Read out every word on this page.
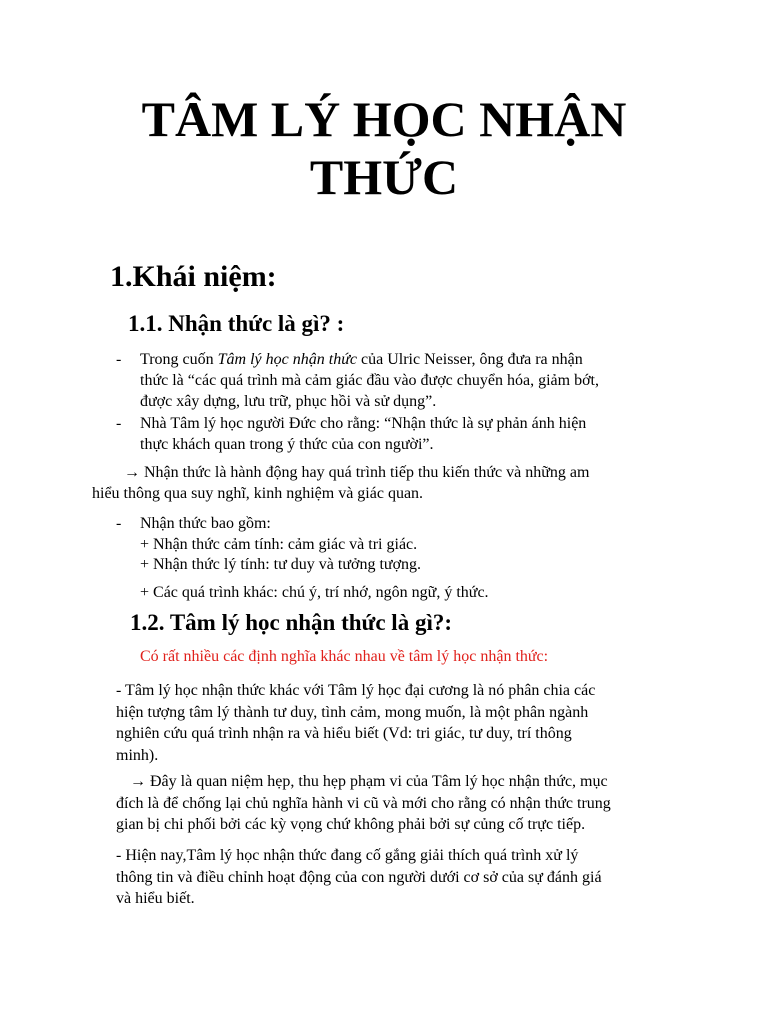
TÂM LÝ HỌC NHẬN
THỨC
1.Khái niệm:
1.1. Nhận thức là gì? :
- Trong cuốn Tâm lý học nhận thức của Ulric Neisser, ông đưa ra nhận
thức là “các quá trình mà cảm giác đầu vào được chuyển hóa, giảm bớt,
được xây dựng, lưu trữ, phục hồi và sử dụng”.
- Nhà Tâm lý học người Đức cho rằng: “Nhận thức là sự phản ánh hiện
thực khách quan trong ý thức của con người”.
→ Nhận thức là hành động hay quá trình tiếp thu kiến thức và những am
hiểu thông qua suy nghĩ, kinh nghiệm và giác quan.
- Nhận thức bao gồm:

+ Nhận thức cảm tính: cảm giác và tri giác.

+ Nhận thức lý tính: tư duy và tưởng tượng.

+ Các quá trình khác: chú ý, trí nhớ, ngôn ngữ, ý thức.

1.2. Tâm lý học nhận thức là gì?:

Có rất nhiều các định nghĩa khác nhau về tâm lý học nhận thức:

- Tâm lý học nhận thức khác với Tâm lý học đại cương là nó phân chia các
hiện tượng tâm lý thành tư duy, tình cảm, mong muốn, là một phân ngành
nghiên cứu quá trình nhận ra và hiểu biết (Vd: tri giác, tư duy, trí thông
minh).
→ Đây là quan niệm hẹp, thu hẹp phạm vi của Tâm lý học nhận thức, mục
đích là để chống lại chủ nghĩa hành vi cũ và mới cho rằng có nhận thức trung
gian bị chi phối bởi các kỳ vọng chứ không phải bởi sự củng cố trực tiếp.
- Hiện nay,Tâm lý học nhận thức đang cố gắng giải thích quá trình xử lý
thông tin và điều chỉnh hoạt động của con người dưới cơ sở của sự đánh giá
và hiểu biết.
